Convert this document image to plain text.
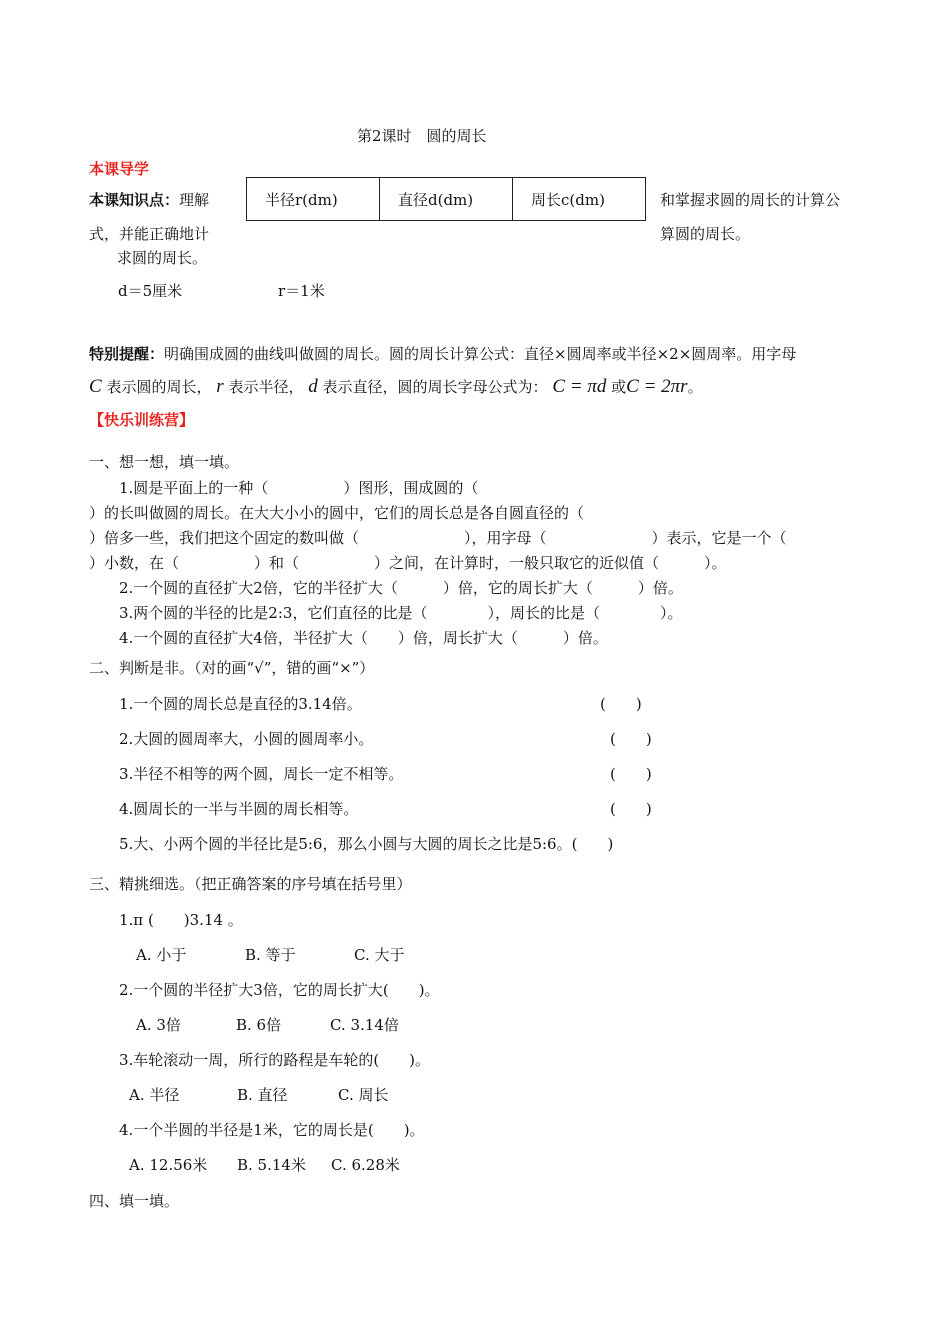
第2课时　圆的周长
本课导学
本课知识点：理解	和掌握求圆的周长的计算公
式，并能正确地计	算圆的周长。
求圆的周长。
半径r(dm)	直径d(dm)	周长c(dm)
d＝5厘米	r＝1米
特别提醒：明确围成圆的曲线叫做圆的周长。圆的周长计算公式：直径×圆周率或半径×2×圆周率。用字母
C 表示圆的周长， r 表示半径， d 表示直径，圆的周长字母公式为： C = πd 或C = 2πr。
【快乐训练营】
一、想一想，填一填。
1.圆是平面上的一种（　　　　　）图形，围成圆的（
）的长叫做圆的周长。在大大小小的圆中，它们的周长总是各自圆直径的（
）倍多一些，我们把这个固定的数叫做（　　　　　　　），用字母（　　　　　　　）表示，它是一个（
）小数，在（　　　　　）和（　　　　　）之间，在计算时，一般只取它的近似值（　　　）。
2.一个圆的直径扩大2倍，它的半径扩大（　　　）倍，它的周长扩大（　　　）倍。
3.两个圆的半径的比是2:3，它们直径的比是（　　　　），周长的比是（　　　　）。
4.一个圆的直径扩大4倍，半径扩大（　　）倍，周长扩大（　　　）倍。
二、判断是非。（对的画“√”，错的画“×”）
1.一个圆的周长总是直径的3.14倍。	(　　)
2.大圆的圆周率大，小圆的圆周率小。	(　　)
3.半径不相等的两个圆，周长一定不相等。	(　　)
4.圆周长的一半与半圆的周长相等。	(　　)
5.大、小两个圆的半径比是5:6，那么小圆与大圆的周长之比是5:6。(　　)
三、精挑细选。（把正确答案的序号填在括号里）
1.π (　　)3.14 。
A. 小于	B. 等于	C. 大于
2.一个圆的半径扩大3倍，它的周长扩大(　　)。
A. 3倍	B. 6倍	C. 3.14倍
3.车轮滚动一周，所行的路程是车轮的(　　)。
A. 半径	B. 直径	C. 周长
4.一个半圆的半径是1米，它的周长是(　　)。
A. 12.56米 B. 5.14米 C. 6.28米
四、填一填。
